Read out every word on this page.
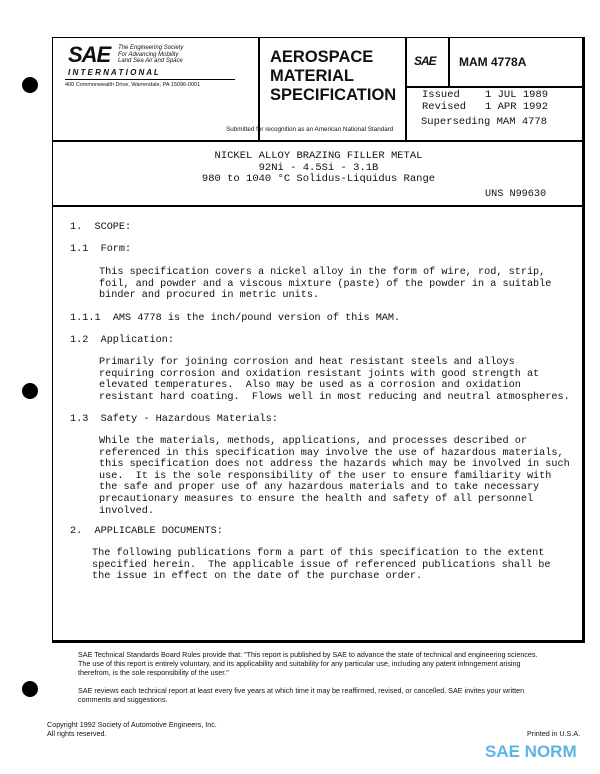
SAE The Engineering Society
For Advancing Mobility
Land Sea Air and Space
I N T E R N A T I O N A L
400 Commonwealth Drive, Warrendale, PA 15096-0001
AEROSPACE
MATERIAL
SPECIFICATION
Submitted for recognition as an American National Standard
SAE MAM 4778A
Issued 1 JUL 1989
Revised 1 APR 1992
Superseding MAM 4778
NICKEL ALLOY BRAZING FILLER METAL
92Ni - 4.5Si - 3.1B
980 to 1040 °C Solidus-Liquidus Range
UNS N99630
1. SCOPE:
1.1 Form:
This specification covers a nickel alloy in the form of wire, rod, strip,
foil, and powder and a viscous mixture (paste) of the powder in a suitable
binder and procured in metric units.
1.1.1 AMS 4778 is the inch/pound version of this MAM.
1.2 Application:
Primarily for joining corrosion and heat resistant steels and alloys
requiring corrosion and oxidation resistant joints with good strength at
elevated temperatures.  Also may be used as a corrosion and oxidation
resistant hard coating.  Flows well in most reducing and neutral atmospheres.
1.3 Safety - Hazardous Materials:
While the materials, methods, applications, and processes described or
referenced in this specification may involve the use of hazardous materials,
this specification does not address the hazards which may be involved in such
use.  It is the sole responsibility of the user to ensure familiarity with
the safe and proper use of any hazardous materials and to take necessary
precautionary measures to ensure the health and safety of all personnel
involved.
2. APPLICABLE DOCUMENTS:
The following publications form a part of this specification to the extent
specified herein.  The applicable issue of referenced publications shall be
the issue in effect on the date of the purchase order.
SAE Technical Standards Board Rules provide that: "This report is published by SAE to advance the state of technical and engineering sciences. The use of this report is entirely voluntary, and its applicability and suitability for any particular use, including any patent infringement arising therefrom, is the sole responsibility of the user."
SAE reviews each technical report at least every five years at which time it may be reaffirmed, revised, or cancelled. SAE invites your written comments and suggestions.
Copyright 1992 Society of Automotive Engineers, Inc.
All rights reserved.	Printed in U.S.A.
SAE NORM
